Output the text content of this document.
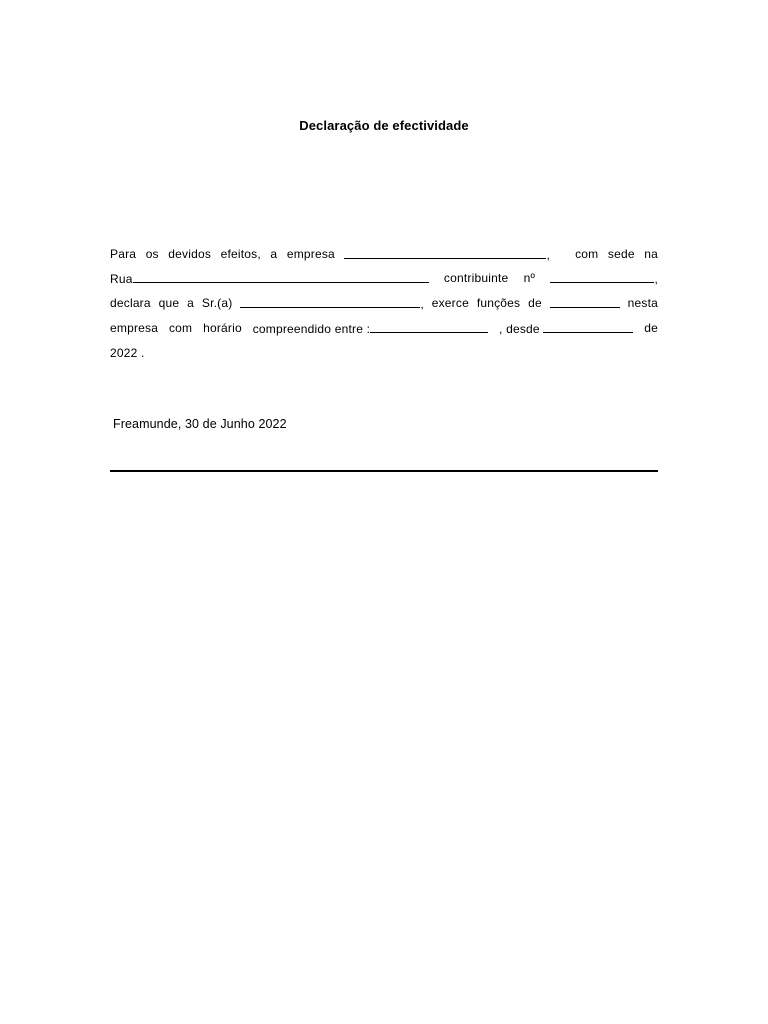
Declaração de efectividade
Para os devidos efeitos, a empresa	, com sede na
Rua	contribuinte nº	,
declara que a Sr.(a)	, exerce funções de	nesta
empresa com horário compreendido entre :	, desde	de
2022 .
Freamunde, 30 de Junho 2022
